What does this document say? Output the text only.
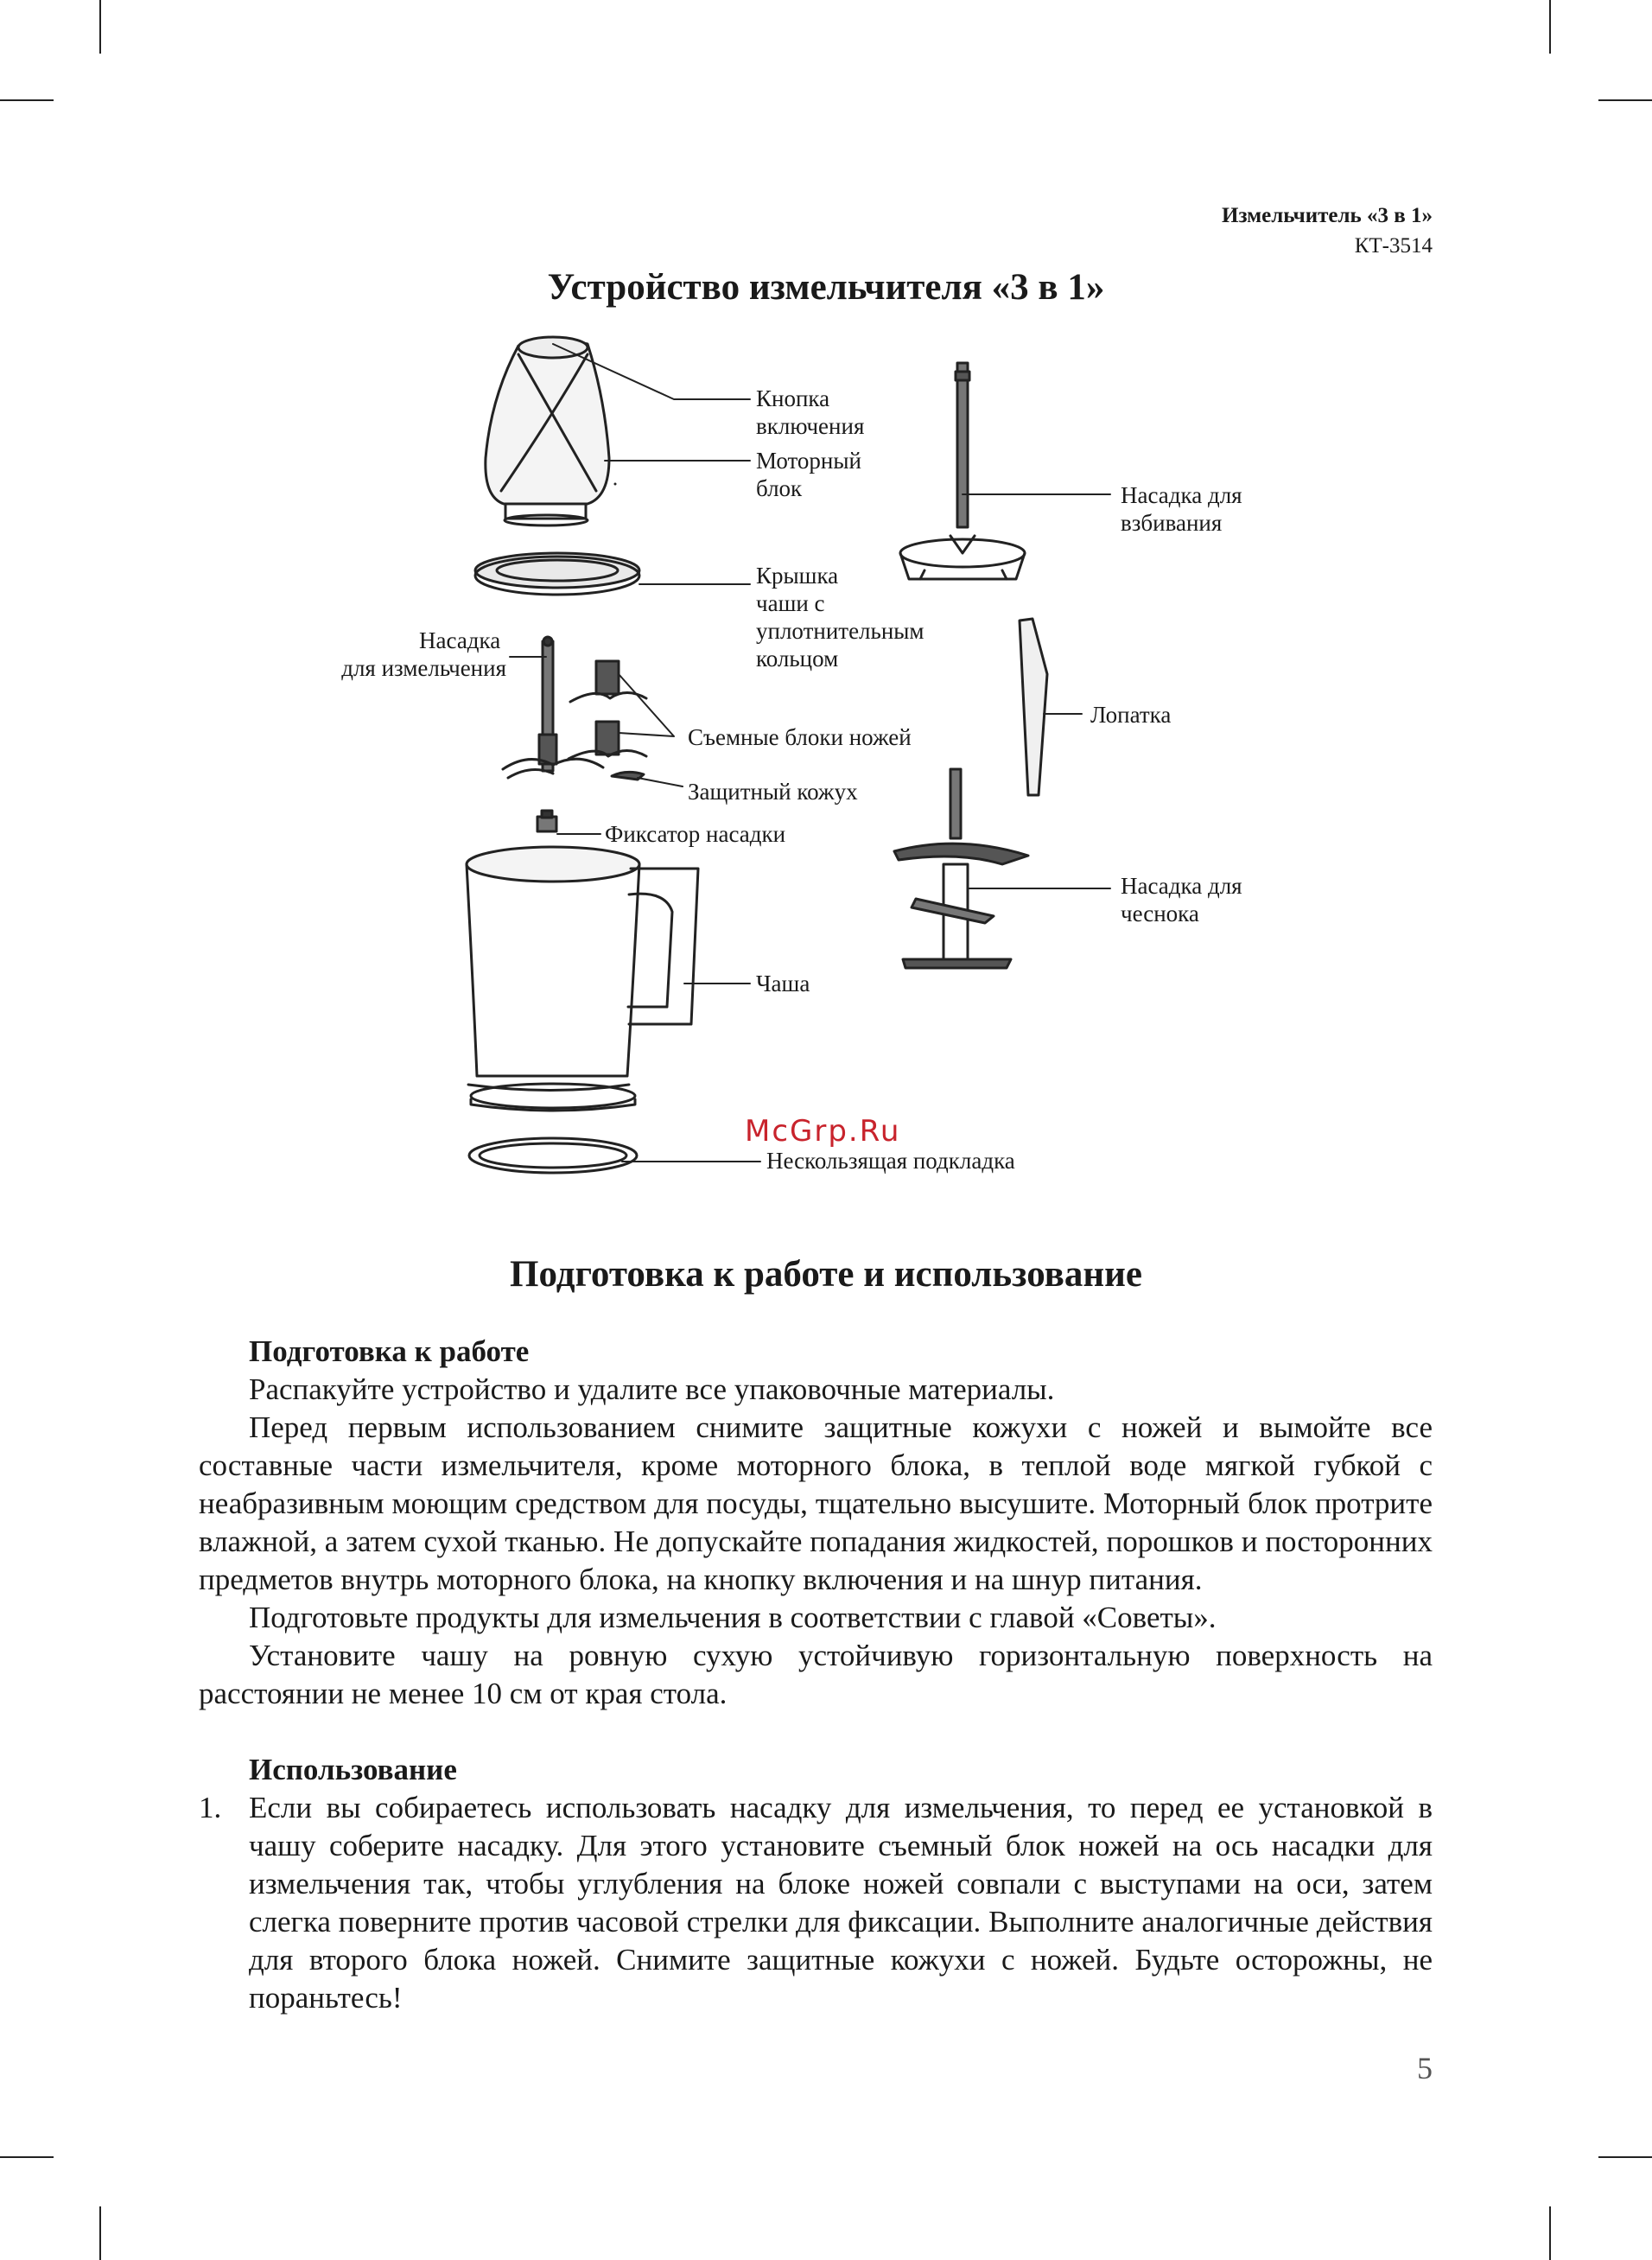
Измельчитель «3 в 1»
КТ-3514
Устройство измельчителя «3 в 1»
Кнопка включения
Моторный блок	Насадка для взбивания
Крышка чаши с уплотнительным кольцом
Насадка для измельчения
Съемные блоки ножей
Лопатка
Защитный кожух
Фиксатор насадки
Насадка для чеснока
Чаша
McGrp.Ru
Нескользящая подкладка
Подготовка к работе и использование

Подготовка к работе

Распакуйте устройство и удалите все упаковочные материалы.

Перед первым использованием снимите защитные кожухи с ножей и вымойте все составные части измельчителя, кроме моторного блока, в теплой воде мягкой губкой с неабразивным моющим средством для посуды, тщательно высушите. Моторный блок протрите влажной, а затем сухой тканью. Не допускайте попадания жидкостей, порошков и посторонних предметов внутрь моторного блока, на кнопку включения и на шнур питания.

Подготовьте продукты для измельчения в соответствии с главой «Советы».

Установите чашу на ровную сухую устойчивую горизонтальную поверхность на расстоянии не менее 10 см от края стола.

Использование

1. Если вы собираетесь использовать насадку для измельчения, то перед ее установкой в чашу соберите насадку. Для этого установите съемный блок ножей на ось насадки для измельчения так, чтобы углубления на блоке ножей совпали с выступами на оси, затем слегка поверните против часовой стрелки для фиксации. Выполните аналогичные действия для второго блока ножей. Снимите защитные кожухи с ножей. Будьте осторожны, не пораньтесь!
5
